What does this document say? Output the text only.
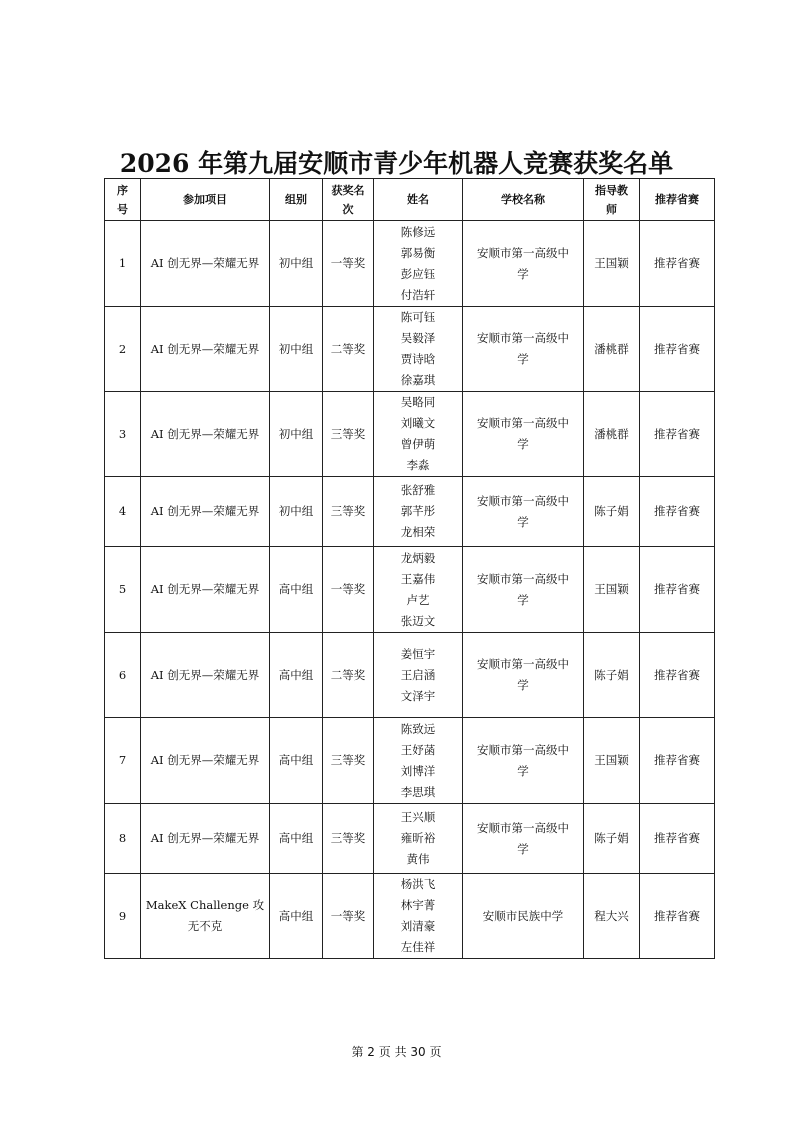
2026 年第九届安顺市青少年机器人竞赛获奖名单
序
号	参加项目	组别	获奖名
次	姓名	学校名称	指导教
师	推荐省赛
1	AI 创无界—荣耀无界	初中组	一等奖	陈修远
郭易衡
彭应钰
付浩轩	安顺市第一高级中
学	王国颖	推荐省赛
2	AI 创无界—荣耀无界	初中组	二等奖	陈可钰
吴毅泽
贾诗晗
徐嘉琪	安顺市第一高级中
学	潘桃群	推荐省赛
3	AI 创无界—荣耀无界	初中组	三等奖	吴略同
刘曦文
曾伊萌
李淼	安顺市第一高级中
学	潘桃群	推荐省赛
4	AI 创无界—荣耀无界	初中组	三等奖	张舒雅
郭芊彤
龙相荣	安顺市第一高级中
学	陈子娟	推荐省赛
5	AI 创无界—荣耀无界	高中组	一等奖	龙炳毅
王嘉伟
卢艺
张迈文	安顺市第一高级中
学	王国颖	推荐省赛
6	AI 创无界—荣耀无界	高中组	二等奖	姜恒宇
王启涵
文泽宇	安顺市第一高级中
学	陈子娟	推荐省赛
7	AI 创无界—荣耀无界	高中组	三等奖	陈致远
王妤菡
刘博洋
李思琪	安顺市第一高级中
学	王国颖	推荐省赛
8	AI 创无界—荣耀无界	高中组	三等奖	王兴顺
雍昕裕
黄伟	安顺市第一高级中
学	陈子娟	推荐省赛
9	MakeX Challenge 攻无不克	高中组	一等奖	杨洪飞
林宇菁
刘清豪
左佳祥	安顺市民族中学	程大兴	推荐省赛
第 2 页 共 30 页
